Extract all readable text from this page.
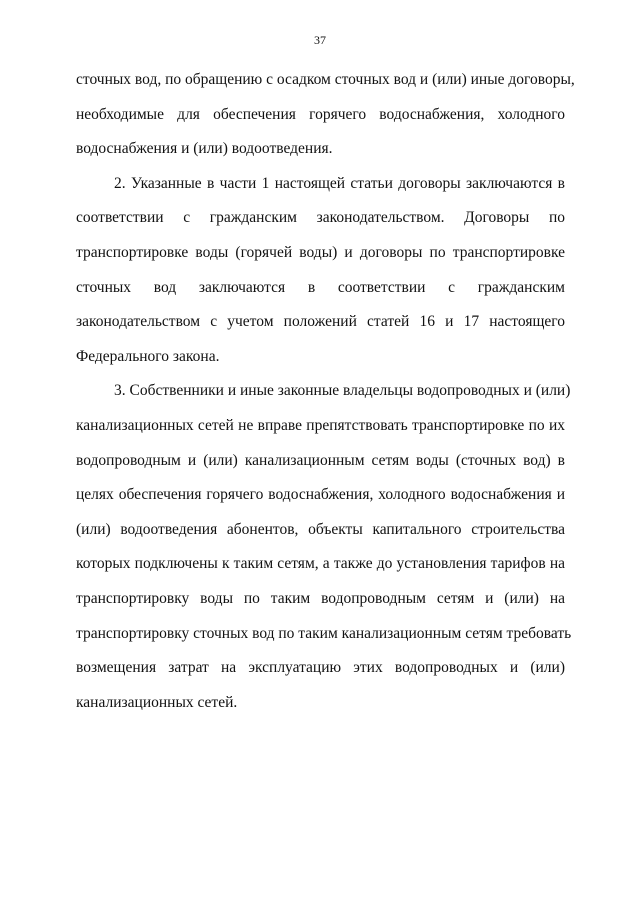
37
сточных вод, по обращению с осадком сточных вод и (или) иные договоры,
необходимые для обеспечения горячего водоснабжения, холодного
водоснабжения и (или) водоотведения.
2. Указанные в части 1 настоящей статьи договоры заключаются в
соответствии с гражданским законодательством. Договоры по
транспортировке воды (горячей воды) и договоры по транспортировке
сточных вод заключаются в соответствии с гражданским
законодательством с учетом положений статей 16 и 17 настоящего
Федерального закона.
3. Собственники и иные законные владельцы водопроводных и (или)
канализационных сетей не вправе препятствовать транспортировке по их
водопроводным и (или) канализационным сетям воды (сточных вод) в
целях обеспечения горячего водоснабжения, холодного водоснабжения и
(или) водоотведения абонентов, объекты капитального строительства
которых подключены к таким сетям, а также до установления тарифов на
транспортировку воды по таким водопроводным сетям и (или) на
транспортировку сточных вод по таким канализационным сетям требовать
возмещения затрат на эксплуатацию этих водопроводных и (или)
канализационных сетей.
